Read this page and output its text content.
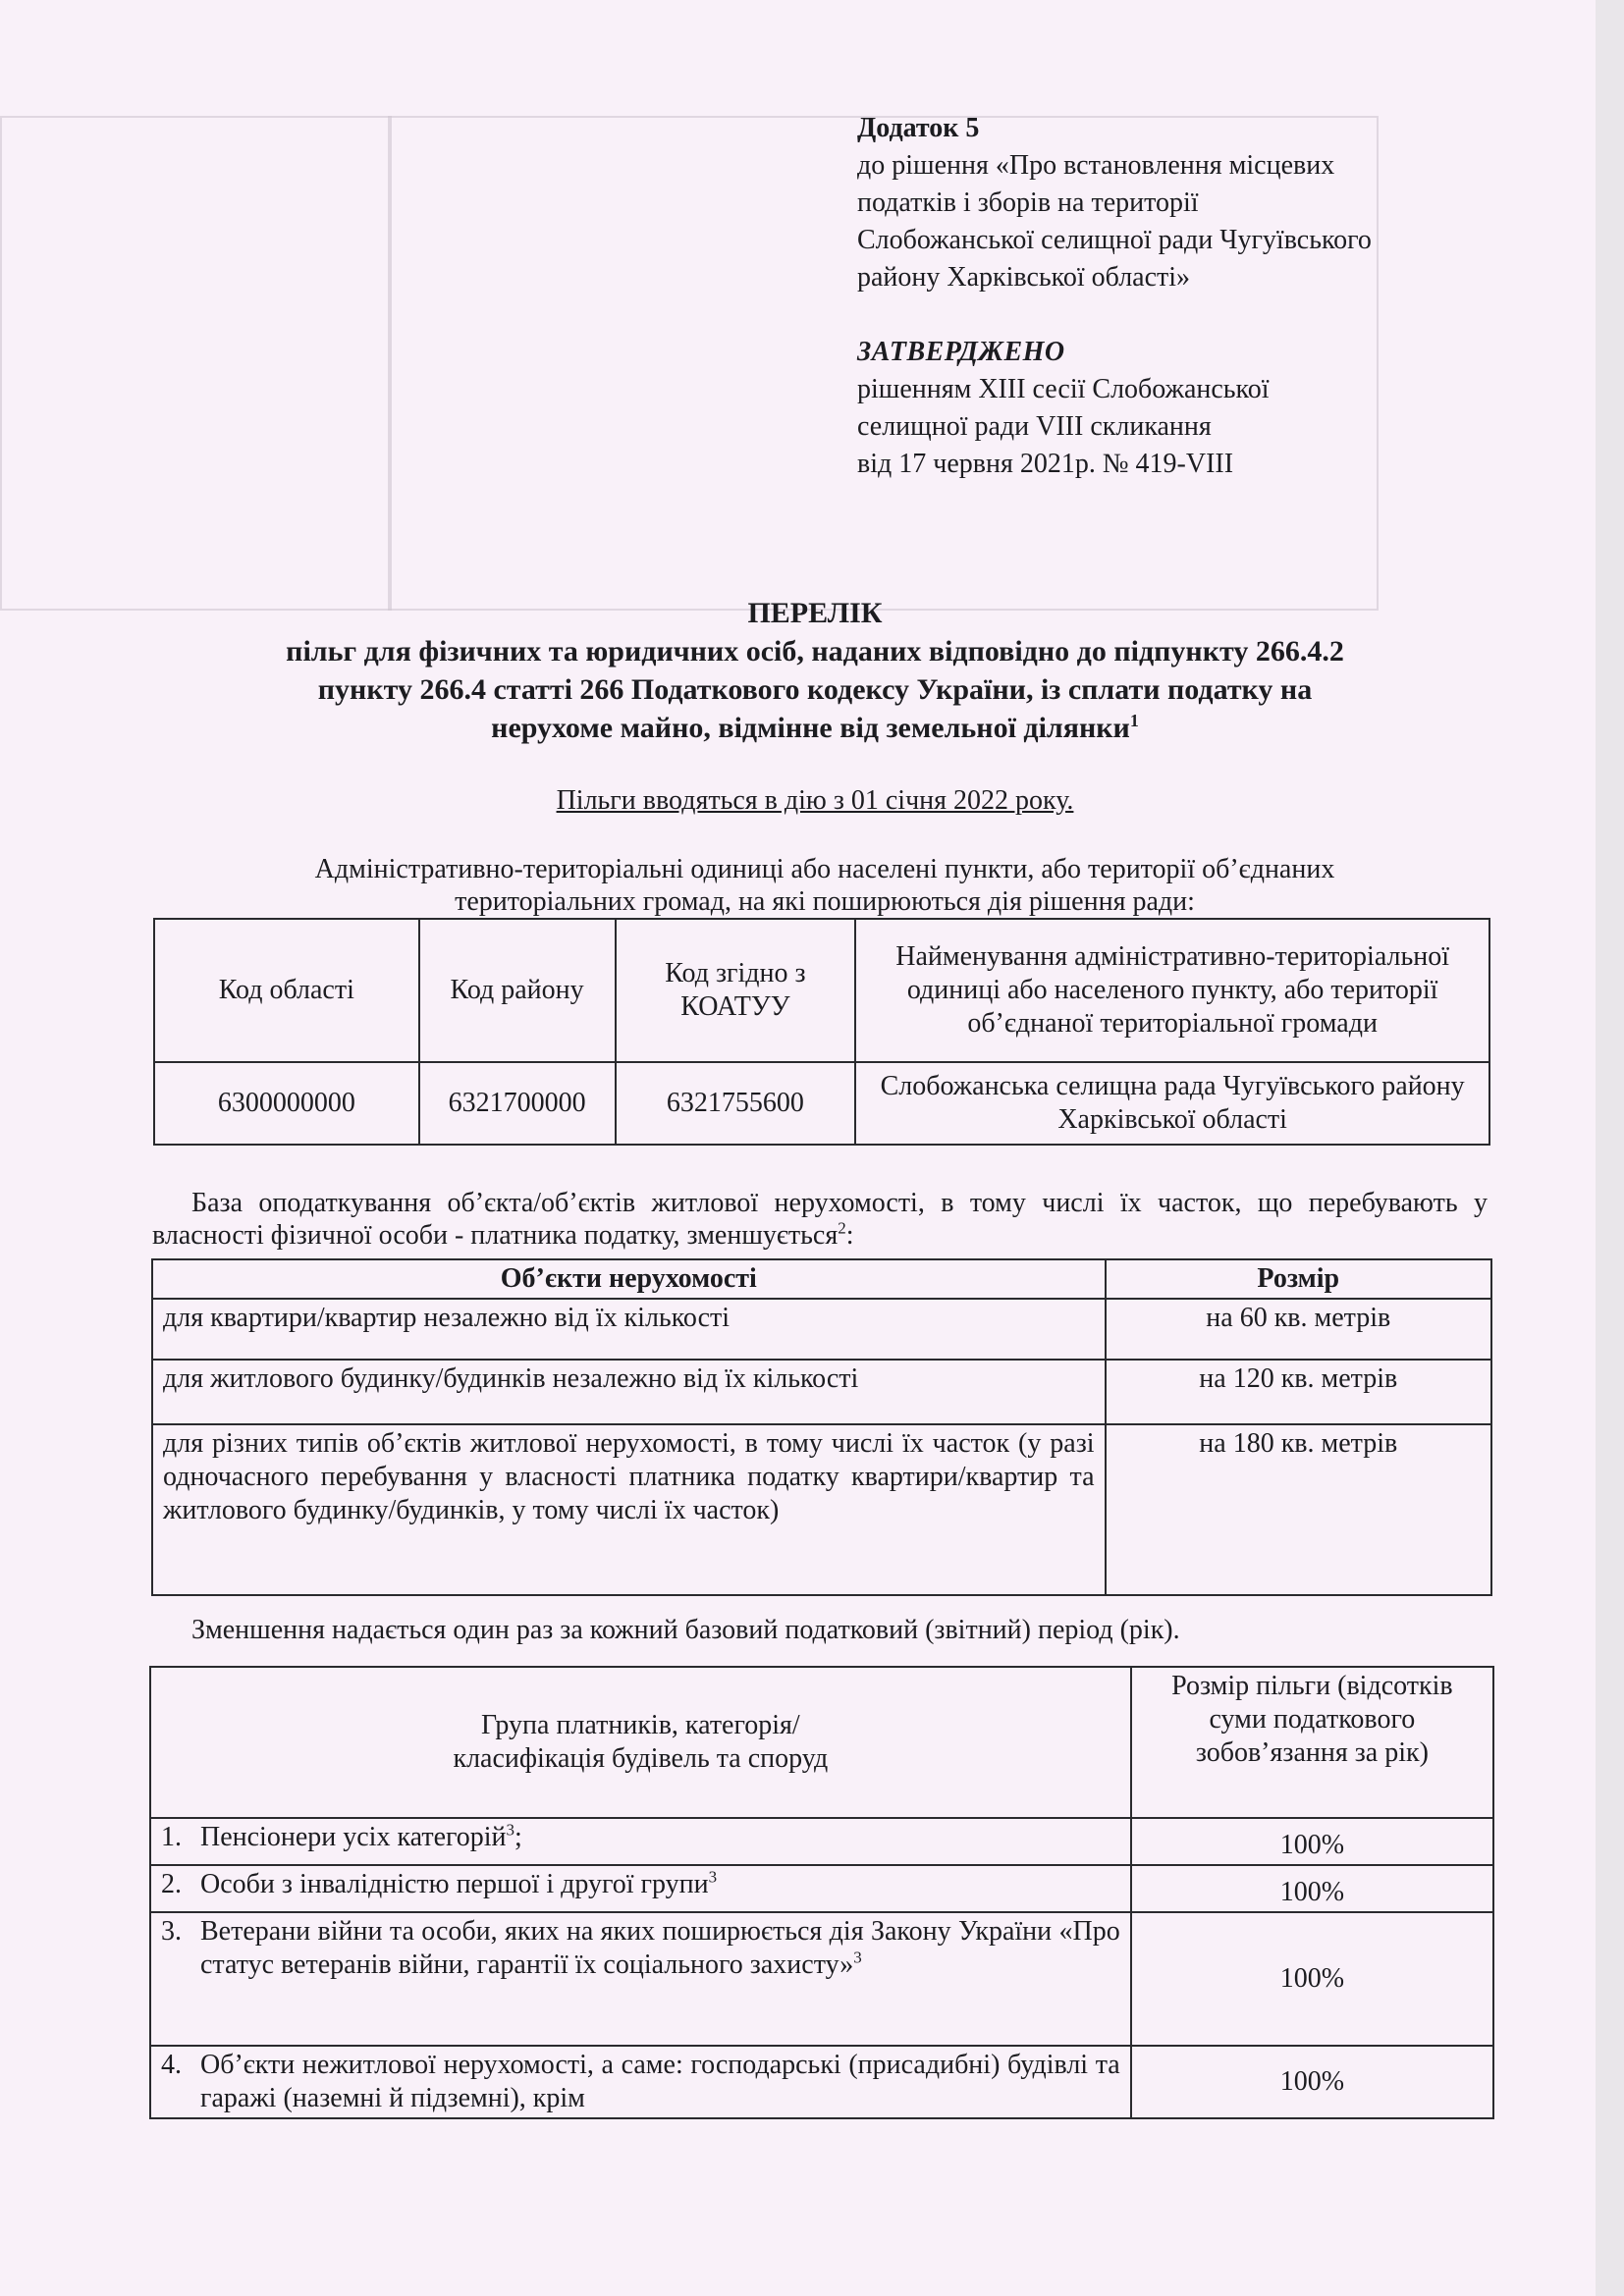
Додаток 5
до рішення «Про встановлення місцевих
податків і зборів на території
Слобожанської селищної ради Чугуївського
району Харківської області»
ЗАТВЕРДЖЕНО
рішенням XIII сесії Слобожанської
селищної ради VIII скликання
від 17 червня 2021р. № 419-VIII
ПЕРЕЛІК
пільг для фізичних та юридичних осіб, наданих відповідно до підпункту 266.4.2
пункту 266.4 статті 266 Податкового кодексу України, із сплати податку на
нерухоме майно, відмінне від земельної ділянки$^1$
Пільги вводяться в дію з 01 січня 2022 року.
Адміністративно-територіальні одиниці або населені пункти, або території об’єднаних
територіальних громад, на які поширюються дія рішення ради:
Код області	Код району	Код згідно з КОАТУУ	Найменування адміністративно-територіальної одиниці або населеного пункту, або території об’єднаної територіальної громади
6300000000	6321700000	6321755600	Слобожанська селищна рада Чугуївського району Харківської області
База оподаткування об’єкта/об’єктів житлової нерухомості, в тому числі їх часток, що перебувають у власності фізичної особи - платника податку, зменшується$^2$:
Об’єкти нерухомості	Розмір
для квартири/квартир незалежно від їх кількості	на 60 кв. метрів
для житлового будинку/будинків незалежно від їх кількості	на 120 кв. метрів
для різних типів об’єктів житлової нерухомості, в тому числі їх часток (у разі одночасного перебування у власності платника податку квартири/квартир та житлового будинку/будинків, у тому числі їх часток)	на 180 кв. метрів
Зменшення надається один раз за кожний базовий податковий (звітний) період (рік).
Група платників, категорія/класифікація будівель та споруд	Розмір пільги (відсотків суми податкового зобов’язання за рік)
1. Пенсіонери усіх категорій$^3$;	100%
2. Особи з інвалідністю першої і другої групи$^3$	100%

3. Ветерани війни та особи, яких на яких поширюється дія Закону України «Про статус ветеранів війни, гарантії їх соціального захисту»$^3$	100%

4. Об’єкти нежитлової нерухомості, а саме: господарські (присадибні) будівлі та гаражі (наземні й підземні), крім	100%
